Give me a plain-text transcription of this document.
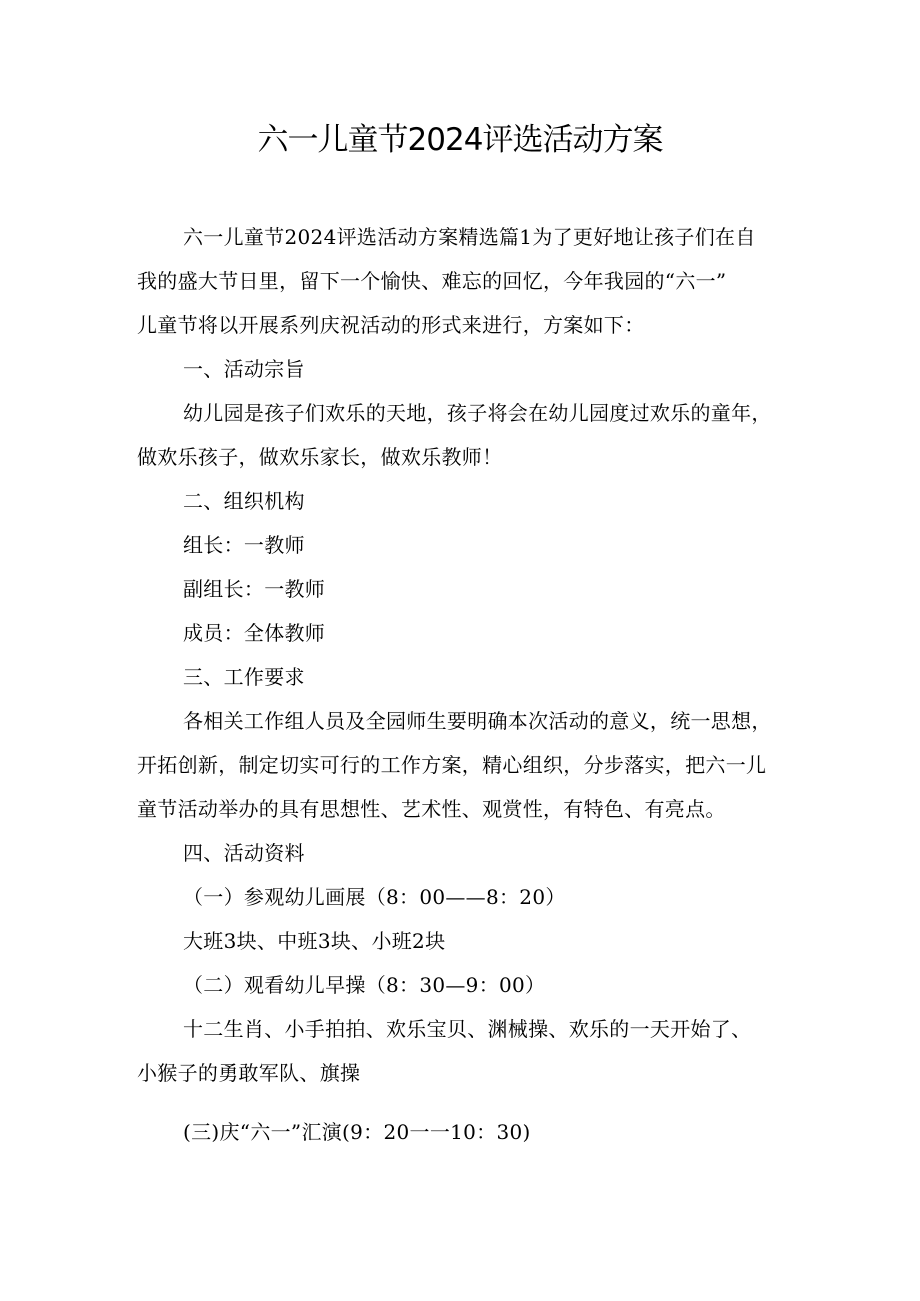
六一儿童节2024评选活动方案

六一儿童节2024评选活动方案精选篇1为了更好地让孩子们在自

我的盛大节日里，留下一个愉快、难忘的回忆，今年我园的“六一”

儿童节将以开展系列庆祝活动的形式来进行，方案如下：

一、活动宗旨

幼儿园是孩子们欢乐的天地，孩子将会在幼儿园度过欢乐的童年，

做欢乐孩子，做欢乐家长，做欢乐教师！

二、组织机构

组长：一教师

副组长：一教师

成员：全体教师

三、工作要求

各相关工作组人员及全园师生要明确本次活动的意义，统一思想，

开拓创新，制定切实可行的工作方案，精心组织，分步落实，把六一儿

童节活动举办的具有思想性、艺术性、观赏性，有特色、有亮点。

四、活动资料

（一）参观幼儿画展（8：00——8：20）

大班3块、中班3块、小班2块

（二）观看幼儿早操（8：30—9：00）

十二生肖、小手拍拍、欢乐宝贝、渊械操、欢乐的一天开始了、

小猴子的勇敢军队、旗操

(三)庆“六一”汇演(9：20一一10：30)
